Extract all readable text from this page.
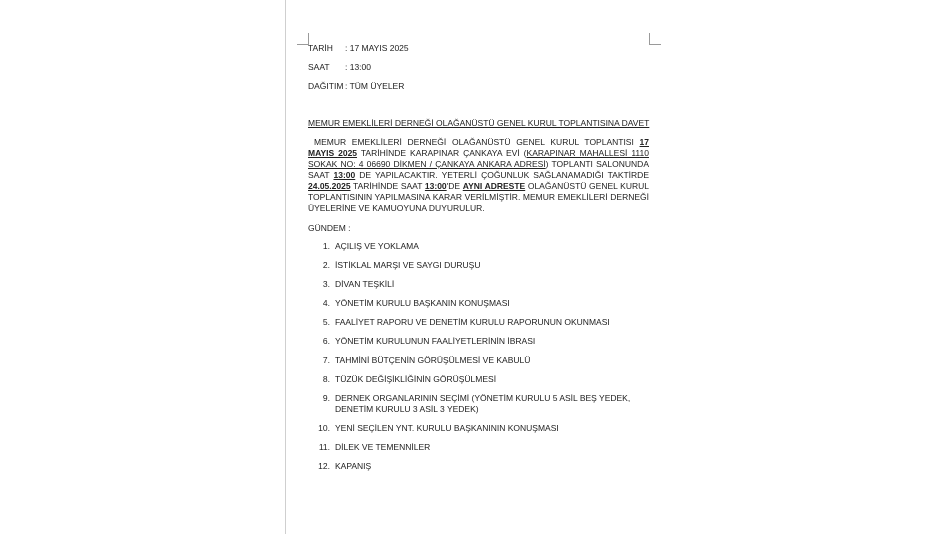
TARİH : 17 MAYIS 2025
SAAT : 13:00
DAĞITIM : TÜM ÜYELER
MEMUR EMEKLİLERİ DERNEĞİ OLAĞANÜSTÜ GENEL KURUL TOPLANTISINA DAVET
MEMUR EMEKLİLERİ DERNEĞİ OLAĞANÜSTÜ GENEL KURUL TOPLANTISI 17 MAYIS 2025 TARİHİNDE KARAPINAR ÇANKAYA EVİ (KARAPINAR MAHALLESİ 1110 SOKAK NO: 4 06690 DİKMEN / ÇANKAYA ANKARA ADRESİ) TOPLANTI SALONUNDA SAAT 13:00 DE YAPILACAKTIR. YETERLİ ÇOĞUNLUK SAĞLANAMADIĞI TAKTİRDE 24.05.2025 TARİHİNDE SAAT 13:00'DE AYNI ADRESTE OLAĞANÜSTÜ GENEL KURUL TOPLANTISININ YAPILMASINA KARAR VERİLMİŞTİR. MEMUR EMEKLİLERİ DERNEĞİ ÜYELERİNE VE KAMUOYUNA DUYURULUR.
GÜNDEM :
1. AÇILIŞ VE YOKLAMA
2. İSTİKLAL MARŞI VE SAYGI DURUŞU
3. DİVAN TEŞKİLİ
4. YÖNETİM KURULU BAŞKANIN KONUŞMASI
5. FAALİYET RAPORU VE DENETİM KURULU RAPORUNUN OKUNMASI
6. YÖNETİM KURULUNUN FAALİYETLERİNİN İBRASI
7. TAHMİNİ BÜTÇENİN GÖRÜŞÜLMESİ VE KABULÜ
8. TÜZÜK DEĞİŞİKLİĞİNİN GÖRÜŞÜLMESİ
9. DERNEK ORGANLARININ SEÇİMİ (YÖNETİM KURULU 5 ASİL BEŞ YEDEK, DENETİM KURULU 3 ASİL 3 YEDEK)
10. YENİ SEÇİLEN YNT. KURULU BAŞKANININ KONUŞMASI
11. DİLEK VE TEMENNİLER
12. KAPANIŞ
